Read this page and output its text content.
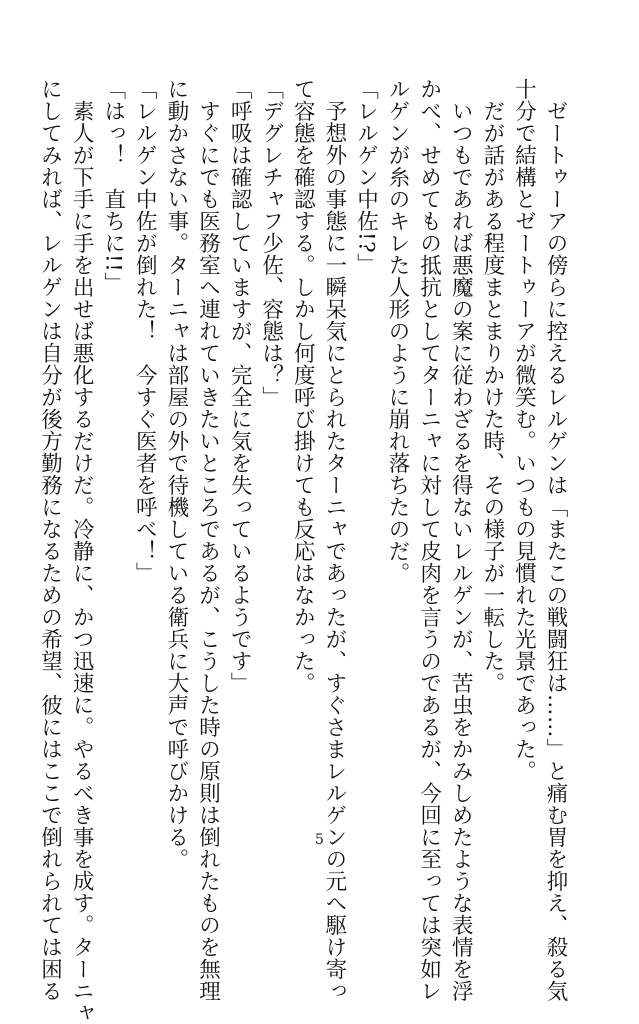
ゼートゥーアの傍らに控えるレルゲンは「またこの戦闘狂は……」と痛む胃を抑え、殺る気

十分で結構とゼートゥーアが微笑む。いつもの見慣れた光景であった。

だが話がある程度まとまりかけた時、その様子が一転した。

いつもであれば悪魔の案に従わざるを得ないレルゲンが、苦虫をかみしめたような表情を浮

かべ、せめてもの抵抗としてターニャに対して皮肉を言うのであるが、今回に至っては突如レ

ルゲンが糸のキレた人形のように崩れ落ちたのだ。

「レルゲン中佐!?」

予想外の事態に一瞬呆気にとられたターニャであったが、すぐさまレルゲンの元へ駆け寄っ

て容態を確認する。しかし何度呼び掛けても反応はなかった。

「デグレチャフ少佐、容態は？」

「呼吸は確認していますが、完全に気を失っているようです」

すぐにでも医務室へ連れていきたいところであるが、こうした時の原則は倒れたものを無理

に動かさない事。ターニャは部屋の外で待機している衛兵に大声で呼びかける。

「レルゲン中佐が倒れた！　今すぐ医者を呼べ！」

「はっ！　直ちに!!」

素人が下手に手を出せば悪化するだけだ。冷静に、かつ迅速に。やるべき事を成す。ターニャ

にしてみれば、レルゲンは自分が後方勤務になるための希望、彼にはここで倒れられては困る	5
